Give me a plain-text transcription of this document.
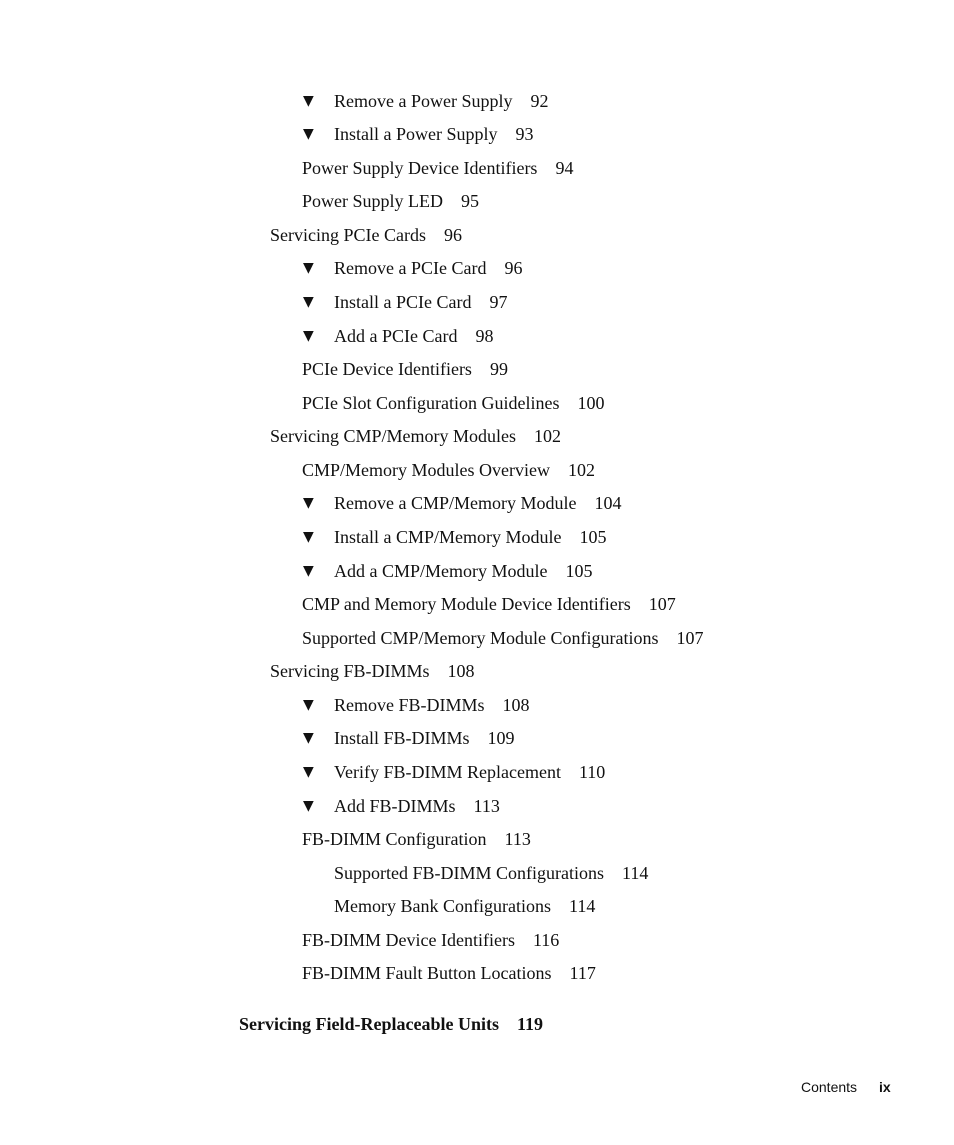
▼ Remove a Power Supply 92
▼ Install a Power Supply 93
Power Supply Device Identifiers 94
Power Supply LED 95
Servicing PCIe Cards 96
▼ Remove a PCIe Card 96
▼ Install a PCIe Card 97
▼ Add a PCIe Card 98
PCIe Device Identifiers 99
PCIe Slot Configuration Guidelines 100
Servicing CMP/Memory Modules 102
CMP/Memory Modules Overview 102
▼ Remove a CMP/Memory Module 104
▼ Install a CMP/Memory Module 105
▼ Add a CMP/Memory Module 105
CMP and Memory Module Device Identifiers 107
Supported CMP/Memory Module Configurations 107
Servicing FB-DIMMs 108
▼ Remove FB-DIMMs 108
▼ Install FB-DIMMs 109
▼ Verify FB-DIMM Replacement 110
▼ Add FB-DIMMs 113
FB-DIMM Configuration 113
Supported FB-DIMM Configurations 114
Memory Bank Configurations 114
FB-DIMM Device Identifiers 116
FB-DIMM Fault Button Locations 117
Servicing Field-Replaceable Units 119
Contents ix
